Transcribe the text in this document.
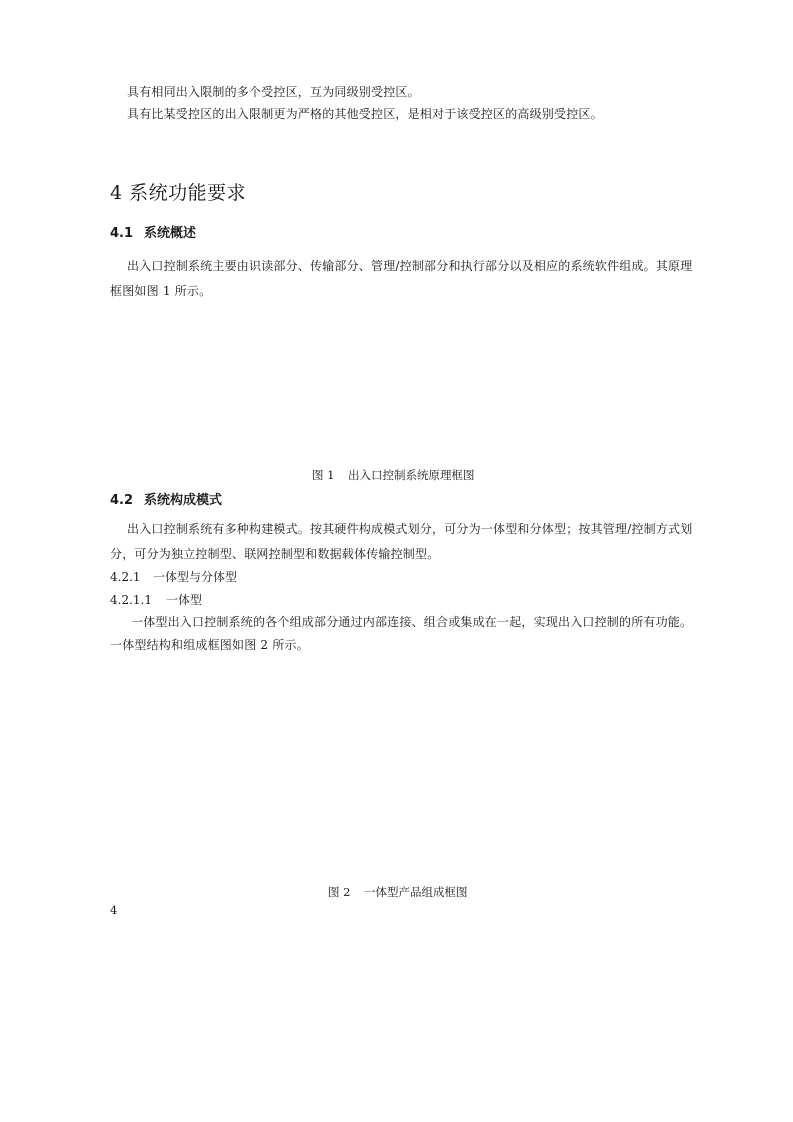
具有相同出入限制的多个受控区，互为同级别受控区。

具有比某受控区的出入限制更为严格的其他受控区，是相对于该受控区的高级别受控区。

4 系统功能要求
4.1 系统概述

出入口控制系统主要由识读部分、传输部分、管理/控制部分和执行部分以及相应的系统软件组成。其原理

框图如图 1 所示。

图 1 出入口控制系统原理框图

4.2 系统构成模式

出入口控制系统有多种构建模式。按其硬件构成模式划分，可分为一体型和分体型；按其管理/控制方式划

分，可分为独立控制型、联网控制型和数据载体传输控制型。

4.2.1 一体型与分体型

4.2.1.1 一体型

一体型出入口控制系统的各个组成部分通过内部连接、组合或集成在一起，实现出入口控制的所有功能。

一体型结构和组成框图如图 2 所示。

图 2 一体型产品组成框图

4
